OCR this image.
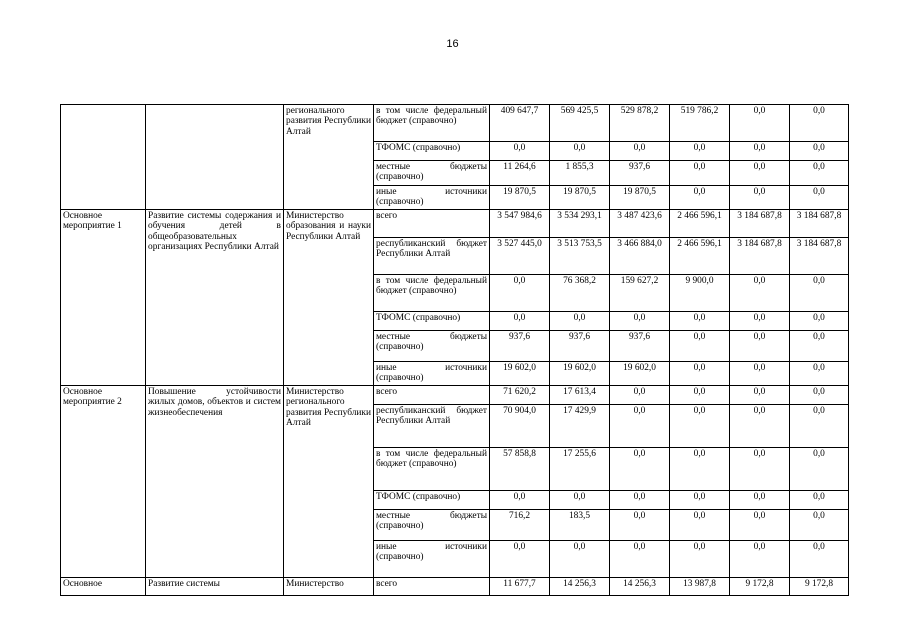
16
		регионального развития Республики Алтай	в том числе федеральный бюджет (справочно)	409 647,7	569 425,5	529 878,2	519 786,2	0,0	0,0
			ТФОМС (справочно)	0,0	0,0	0,0	0,0	0,0	0,0
			местные бюджеты (справочно)	11 264,6	1 855,3	937,6	0,0	0,0	0,0
			иные источники (справочно)	19 870,5	19 870,5	19 870,5	0,0	0,0	0,0
Основное мероприятие 1	Развитие системы содержания и обучения детей в общеобразовательных организациях Республики Алтай	Министерство образования и науки Республики Алтай	всего	3 547 984,6	3 534 293,1	3 487 423,6	2 466 596,1	3 184 687,8	3 184 687,8
			республиканский бюджет Республики Алтай	3 527 445,0	3 513 753,5	3 466 884,0	2 466 596,1	3 184 687,8	3 184 687,8
			в том числе федеральный бюджет (справочно)	0,0	76 368,2	159 627,2	9 900,0	0,0	0,0
			ТФОМС (справочно)	0,0	0,0	0,0	0,0	0,0	0,0
			местные бюджеты (справочно)	937,6	937,6	937,6	0,0	0,0	0,0
			иные источники (справочно)	19 602,0	19 602,0	19 602,0	0,0	0,0	0,0
Основное мероприятие 2	Повышение устойчивости жилых домов, объектов и систем жизнеобеспечения	Министерство регионального развития Республики Алтай	всего	71 620,2	17 613,4	0,0	0,0	0,0	0,0
			республиканский бюджет Республики Алтай	70 904,0	17 429,9	0,0	0,0	0,0	0,0
			в том числе федеральный бюджет (справочно)	57 858,8	17 255,6	0,0	0,0	0,0	0,0
			ТФОМС (справочно)	0,0	0,0	0,0	0,0	0,0	0,0
			местные бюджеты (справочно)	716,2	183,5	0,0	0,0	0,0	0,0
			иные источники (справочно)	0,0	0,0	0,0	0,0	0,0	0,0
Основное	Развитие системы	Министерство	всего	11 677,7	14 256,3	14 256,3	13 987,8	9 172,8	9 172,8
